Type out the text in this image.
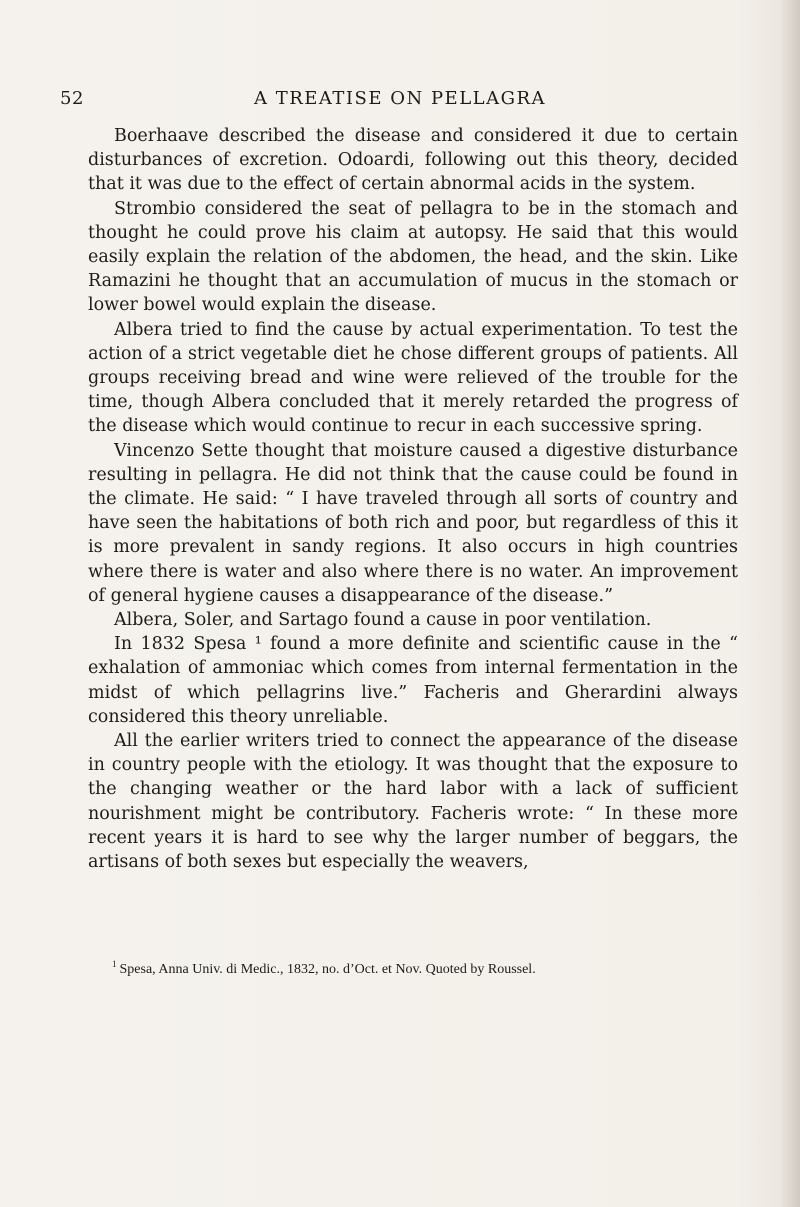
52	A TREATISE ON PELLAGRA

Boerhaave described the disease and considered it due to certain disturbances of excretion. Odoardi, following out this theory, decided that it was due to the effect of certain abnormal acids in the system.

Strombio considered the seat of pellagra to be in the stomach and thought he could prove his claim at autopsy. He said that this would easily explain the relation of the abdomen, the head, and the skin. Like Ramazini he thought that an accumulation of mucus in the stomach or lower bowel would explain the disease.

Albera tried to find the cause by actual experimentation. To test the action of a strict vegetable diet he chose different groups of patients. All groups receiving bread and wine were relieved of the trouble for the time, though Albera concluded that it merely retarded the progress of the disease which would continue to recur in each successive spring.

Vincenzo Sette thought that moisture caused a digestive disturbance resulting in pellagra. He did not think that the cause could be found in the climate. He said: “ I have traveled through all sorts of country and have seen the habitations of both rich and poor, but regardless of this it is more prevalent in sandy regions. It also occurs in high countries where there is water and also where there is no water. An improvement of general hygiene causes a disappearance of the disease.”

Albera, Soler, and Sartago found a cause in poor ventilation.

In 1832 Spesa ¹ found a more definite and scientific cause in the “ exhalation of ammoniac which comes from internal fermentation in the midst of which pellagrins live.” Facheris and Gherardini always considered this theory unreliable.

All the earlier writers tried to connect the appearance of the disease in country people with the etiology. It was thought that the exposure to the changing weather or the hard labor with a lack of sufficient nourishment might be contributory. Facheris wrote: “ In these more recent years it is hard to see why the larger number of beggars, the artisans of both sexes but especially the weavers,

$^1$ Spesa, Anna Univ. di Medic., 1832, no. d’Oct. et Nov. Quoted by Roussel.
